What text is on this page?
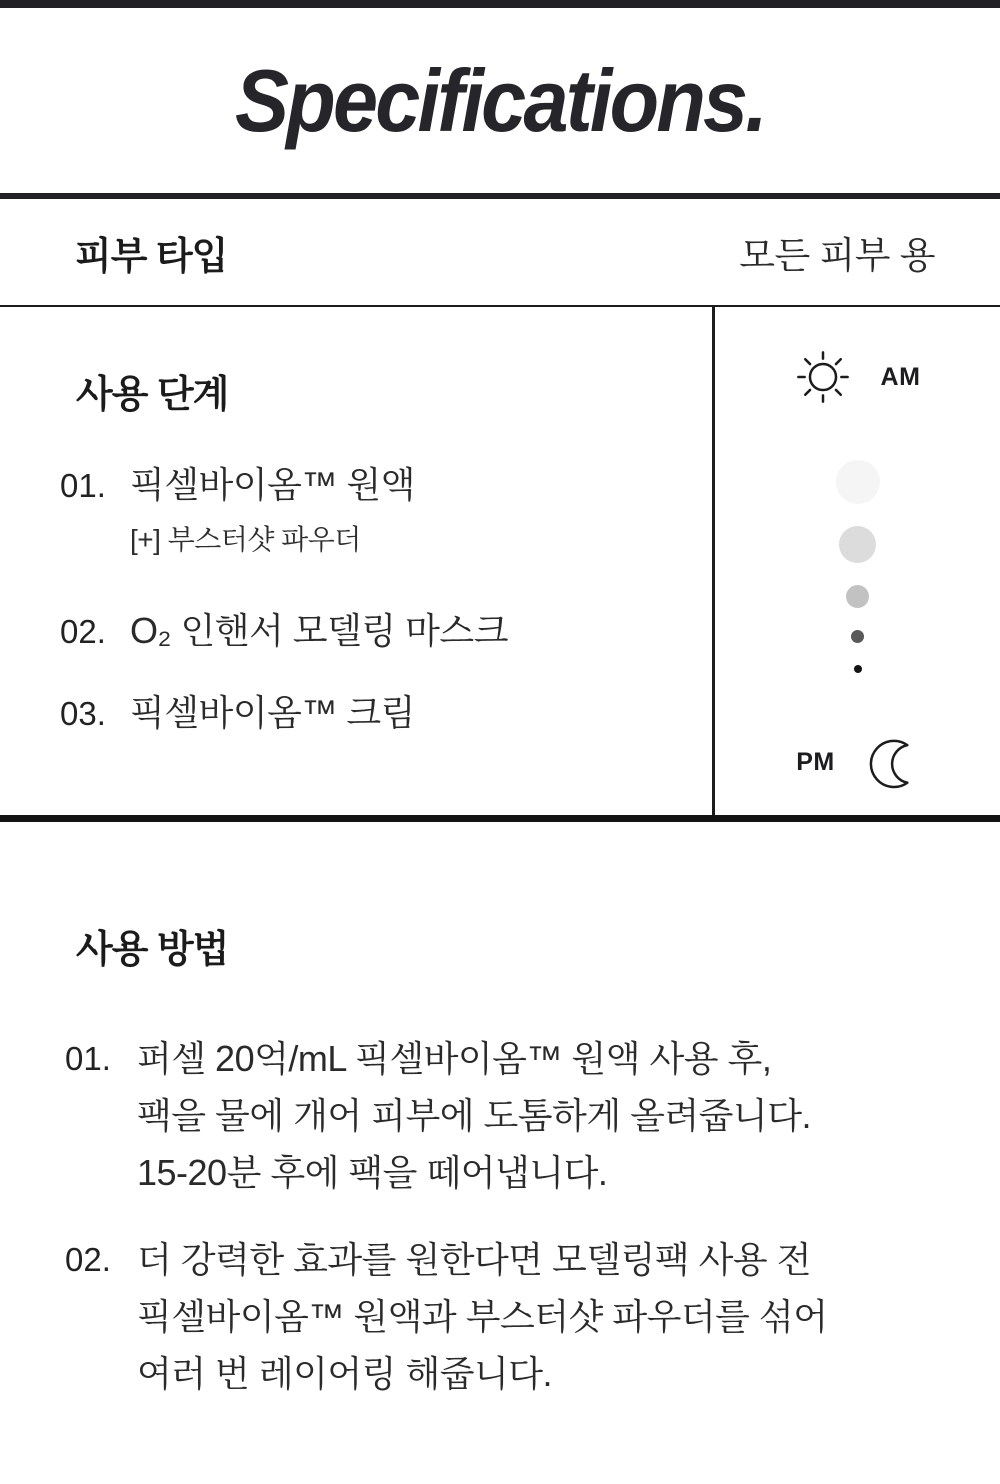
Specifications.
피부 타입	모든 피부 용
사용 단계
01. 픽셀바이옴™ 원액
[+] 부스터샷 파우더
02. O₂ 인핸서 모델링 마스크
03. 픽셀바이옴™ 크림
AM
PM
사용 방법
01. 퍼셀 20억/mL 픽셀바이옴™ 원액 사용 후,
팩을 물에 개어 피부에 도톰하게 올려줍니다.
15-20분 후에 팩을 떼어냅니다.
02. 더 강력한 효과를 원한다면 모델링팩 사용 전
픽셀바이옴™ 원액과 부스터샷 파우더를 섞어
여러 번 레이어링 해줍니다.
